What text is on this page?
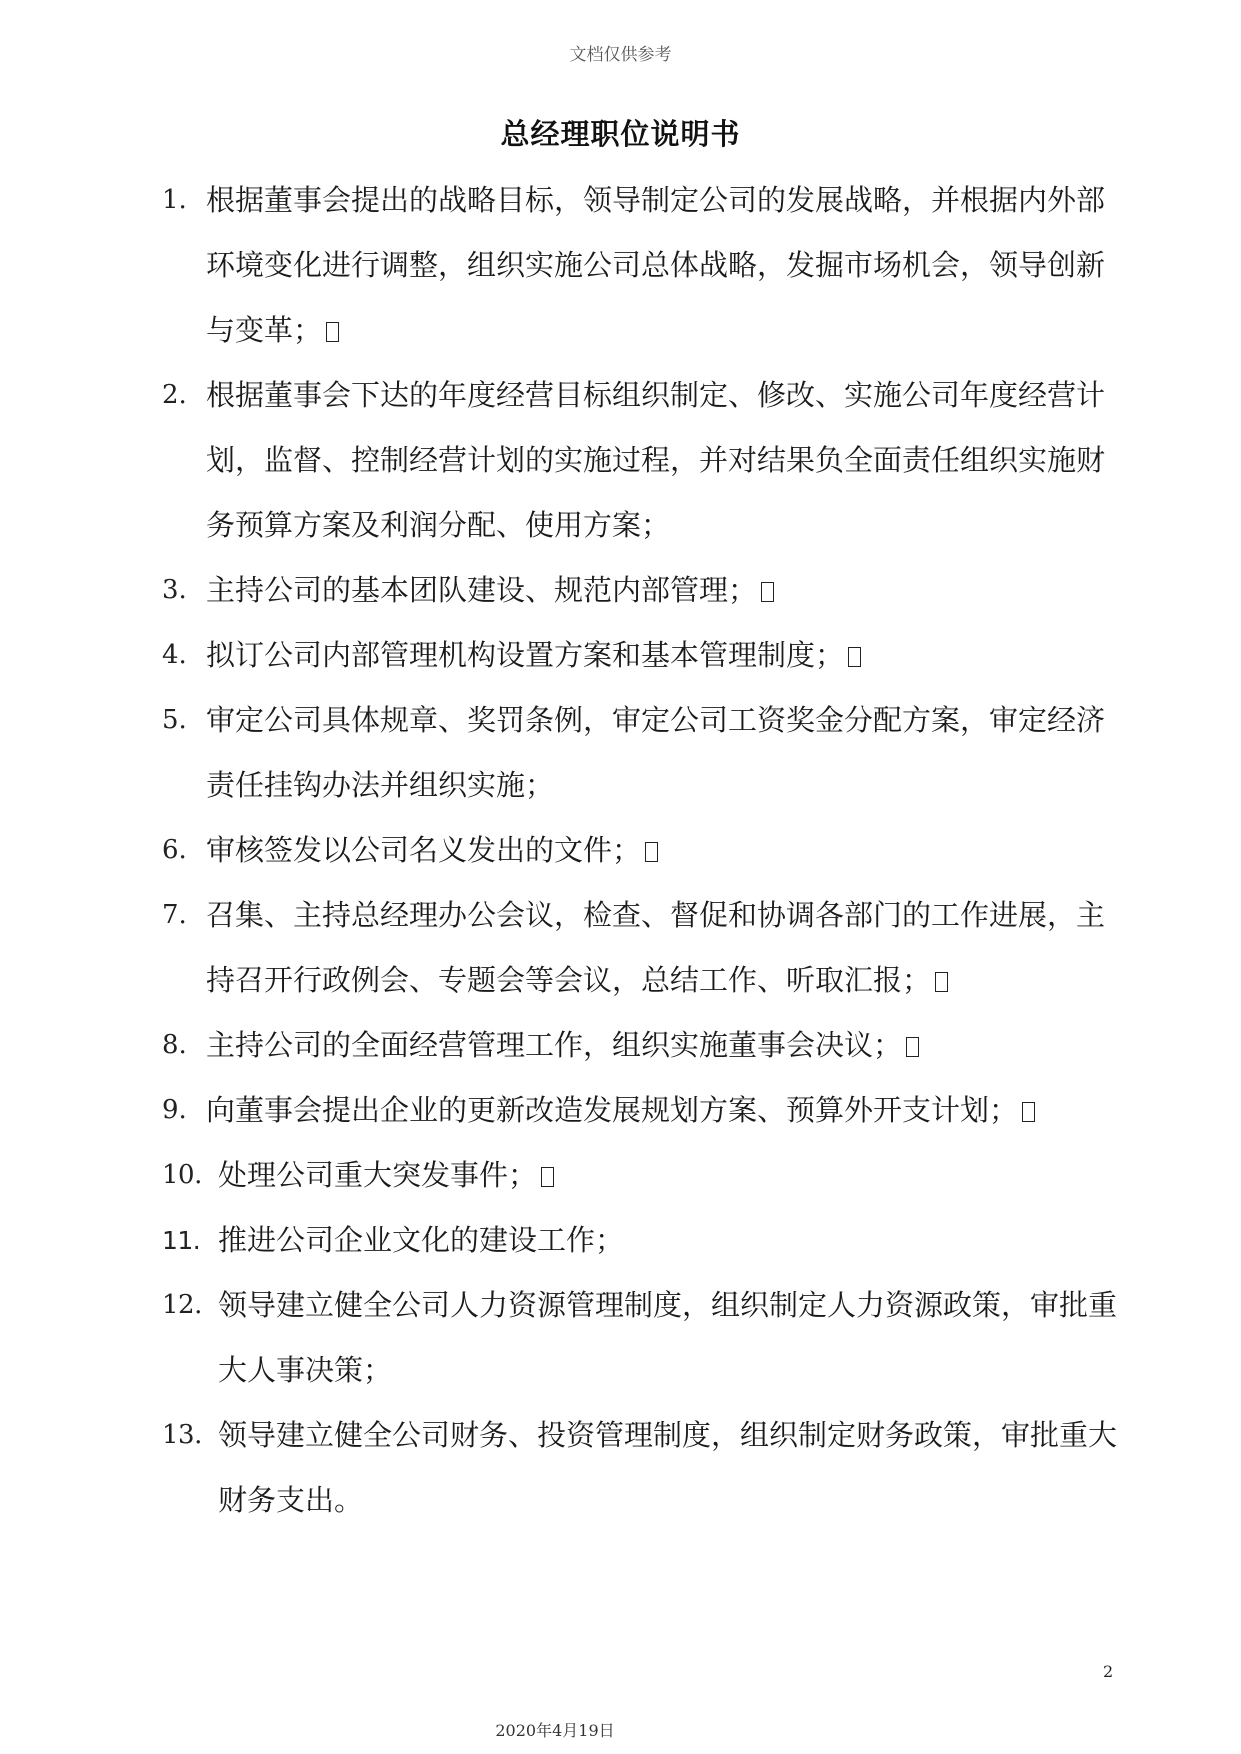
文档仅供参考
总经理职位说明书
1. 根据董事会提出的战略目标，领导制定公司的发展战略，并根据内外部环境变化进行调整，组织实施公司总体战略，发掘市场机会，领导创新与变革；
2. 根据董事会下达的年度经营目标组织制定、修改、实施公司年度经营计划，监督、控制经营计划的实施过程，并对结果负全面责任组织实施财务预算方案及利润分配、使用方案；
3. 主持公司的基本团队建设、规范内部管理；
4. 拟订公司内部管理机构设置方案和基本管理制度；
5. 审定公司具体规章、奖罚条例，审定公司工资奖金分配方案，审定经济责任挂钩办法并组织实施；
6. 审核签发以公司名义发出的文件；
7. 召集、主持总经理办公会议，检查、督促和协调各部门的工作进展，主持召开行政例会、专题会等会议，总结工作、听取汇报；
8. 主持公司的全面经营管理工作，组织实施董事会决议；
9. 向董事会提出企业的更新改造发展规划方案、预算外开支计划；
10. 处理公司重大突发事件；
11. 推进公司企业文化的建设工作；
12. 领导建立健全公司人力资源管理制度，组织制定人力资源政策，审批重大人事决策；
13. 领导建立健全公司财务、投资管理制度，组织制定财务政策，审批重大财务支出。
2
2020年4月19日
